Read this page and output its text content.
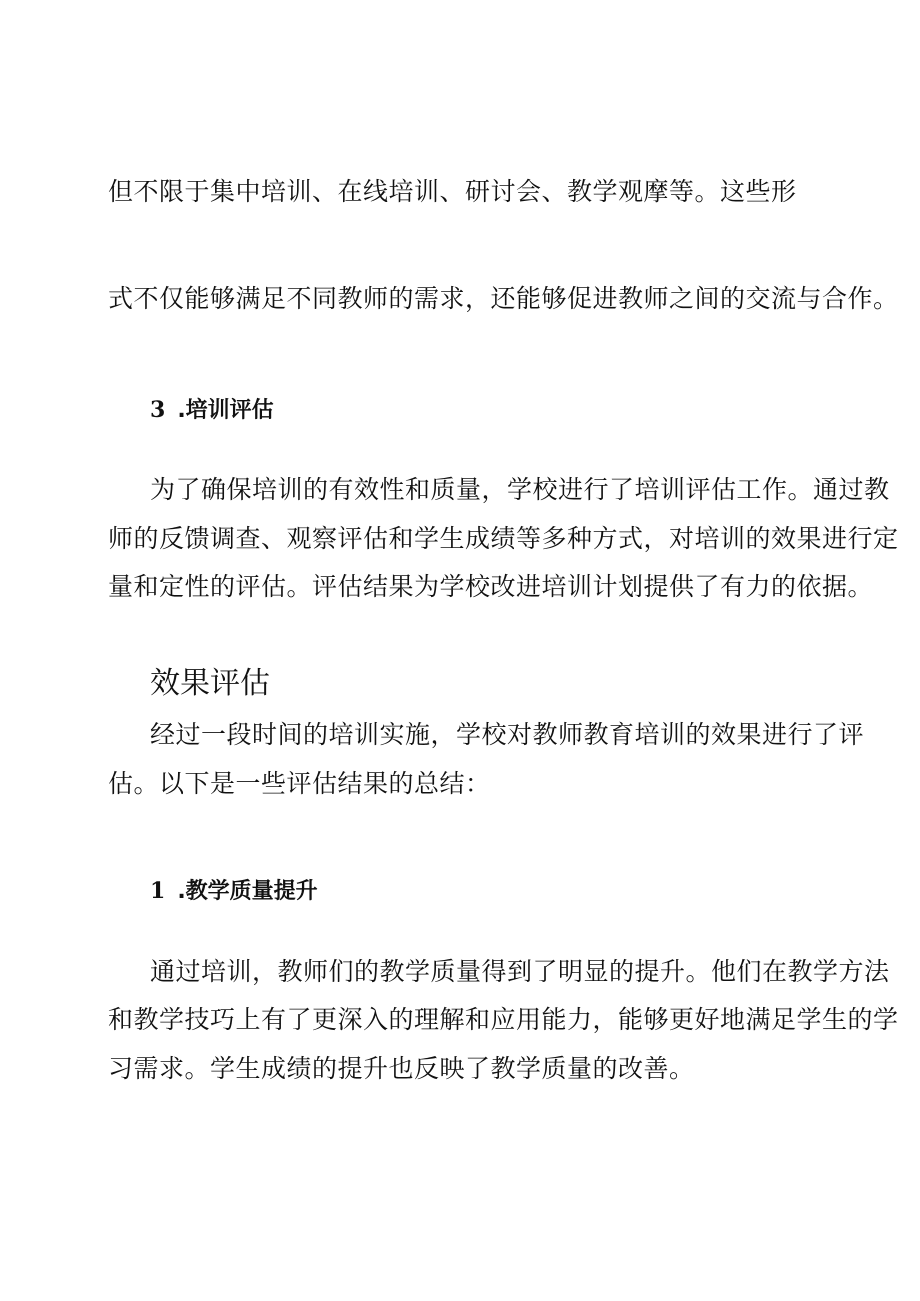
但不限于集中培训、在线培训、研讨会、教学观摩等。这些形
式不仅能够满足不同教师的需求，还能够促进教师之间的交流与合作。
3 .培训评估
为了确保培训的有效性和质量，学校进行了培训评估工作。通过教
师的反馈调查、观察评估和学生成绩等多种方式，对培训的效果进行定
量和定性的评估。评估结果为学校改进培训计划提供了有力的依据。
效果评估
经过一段时间的培训实施，学校对教师教育培训的效果进行了评
估。以下是一些评估结果的总结：
1 .教学质量提升
通过培训，教师们的教学质量得到了明显的提升。他们在教学方法
和教学技巧上有了更深入的理解和应用能力，能够更好地满足学生的学
习需求。学生成绩的提升也反映了教学质量的改善。
